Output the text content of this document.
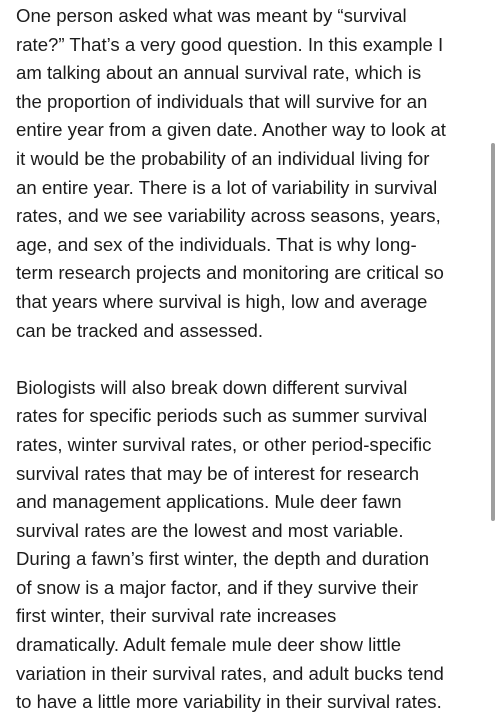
One person asked what was meant by “survival
rate?” That’s a very good question. In this example I
am talking about an annual survival rate, which is
the proportion of individuals that will survive for an
entire year from a given date. Another way to look at
it would be the probability of an individual living for
an entire year. There is a lot of variability in survival
rates, and we see variability across seasons, years,
age, and sex of the individuals. That is why long-
term research projects and monitoring are critical so
that years where survival is high, low and average
can be tracked and assessed.

Biologists will also break down different survival
rates for specific periods such as summer survival
rates, winter survival rates, or other period-specific
survival rates that may be of interest for research
and management applications. Mule deer fawn
survival rates are the lowest and most variable.
During a fawn’s first winter, the depth and duration
of snow is a major factor, and if they survive their
first winter, their survival rate increases
dramatically. Adult female mule deer show little
variation in their survival rates, and adult bucks tend
to have a little more variability in their survival rates.
